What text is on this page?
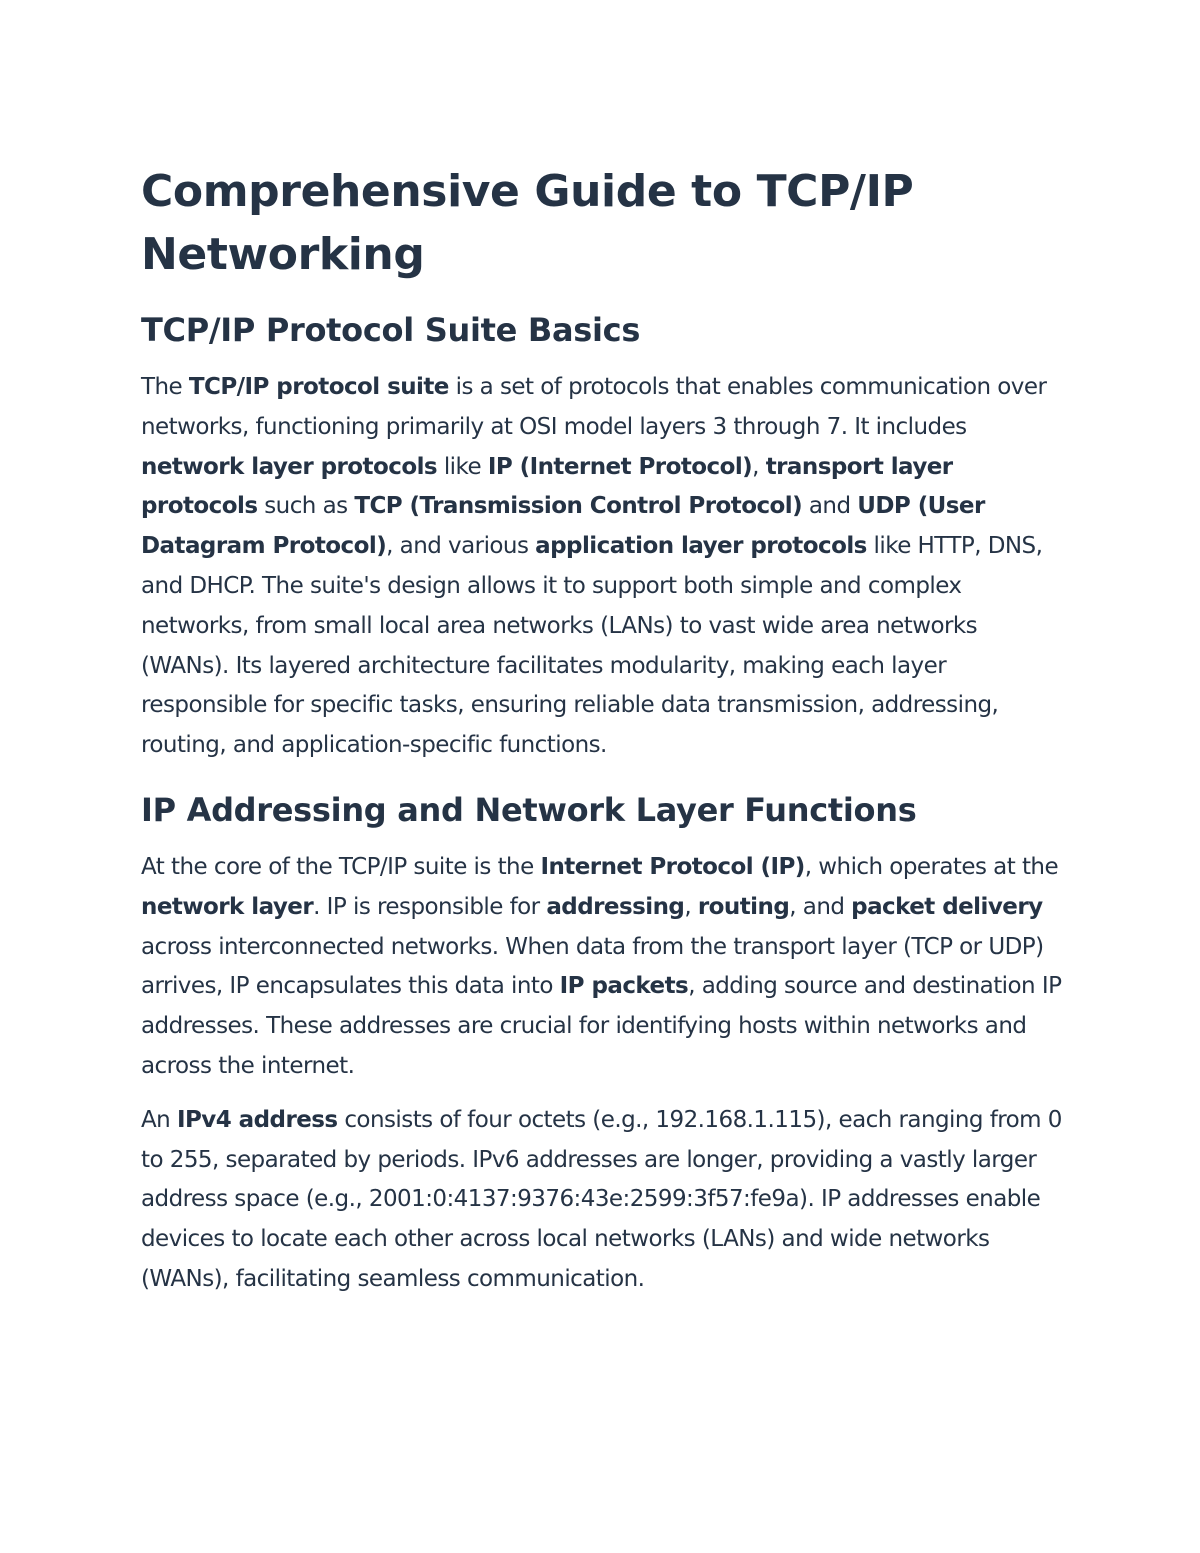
Comprehensive Guide to TCP/IP Networking
TCP/IP Protocol Suite Basics

The TCP/IP protocol suite is a set of protocols that enables communication over networks, functioning primarily at OSI model layers 3 through 7. It includes network layer protocols like IP (Internet Protocol), transport layer protocols such as TCP (Transmission Control Protocol) and UDP (User Datagram Protocol), and various application layer protocols like HTTP, DNS, and DHCP. The suite's design allows it to support both simple and complex networks, from small local area networks (LANs) to vast wide area networks (WANs). Its layered architecture facilitates modularity, making each layer responsible for specific tasks, ensuring reliable data transmission, addressing, routing, and application-specific functions.

IP Addressing and Network Layer Functions

At the core of the TCP/IP suite is the Internet Protocol (IP), which operates at the network layer. IP is responsible for addressing, routing, and packet delivery across interconnected networks. When data from the transport layer (TCP or UDP) arrives, IP encapsulates this data into IP packets, adding source and destination IP addresses. These addresses are crucial for identifying hosts within networks and across the internet.

An IPv4 address consists of four octets (e.g., 192.168.1.115), each ranging from 0 to 255, separated by periods. IPv6 addresses are longer, providing a vastly larger address space (e.g., 2001:0:4137:9376:43e:2599:3f57:fe9a). IP addresses enable devices to locate each other across local networks (LANs) and wide networks (WANs), facilitating seamless communication.
